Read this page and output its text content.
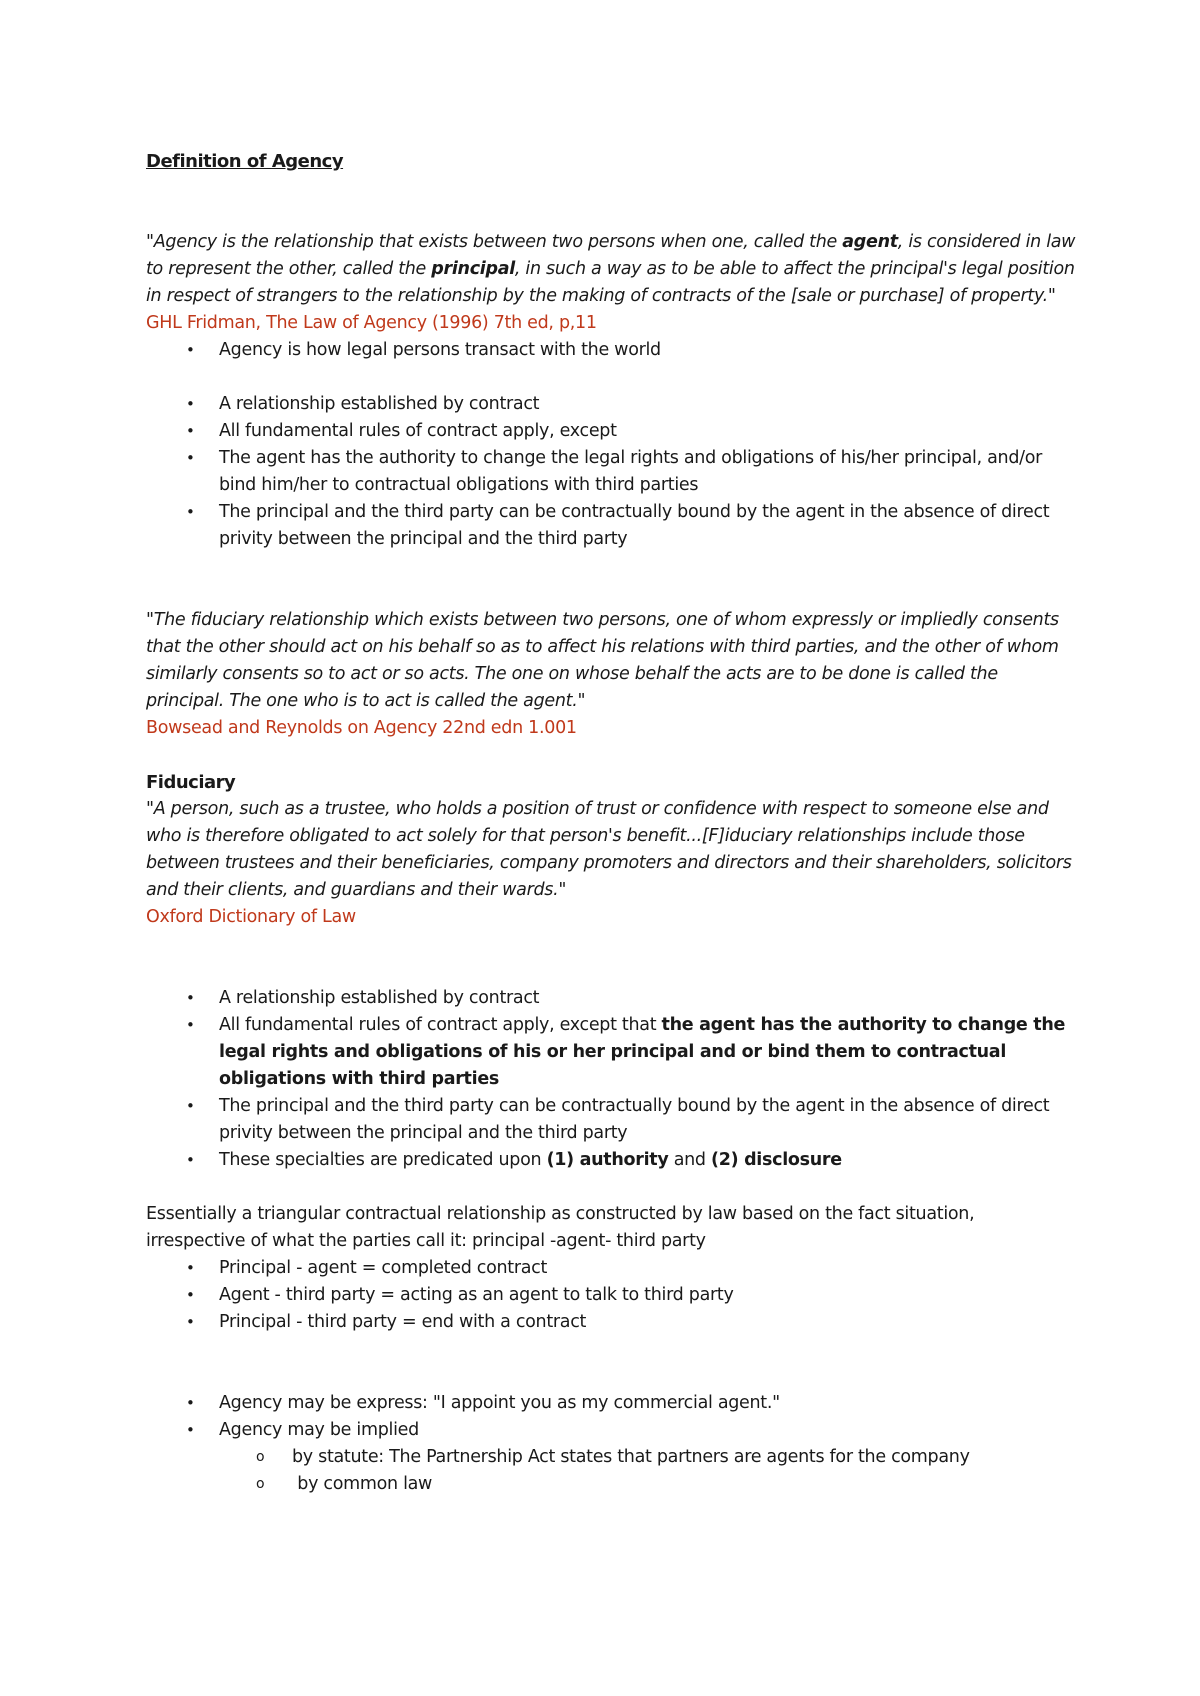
Definition of Agency

"Agency is the relationship that exists between two persons when one, called the agent, is considered in law to represent the other, called the principal, in such a way as to be able to affect the principal's legal position in respect of strangers to the relationship by the making of contracts of the [sale or purchase] of property."

GHL Fridman, The Law of Agency (1996) 7th ed, p,11

• Agency is how legal persons transact with the world
• A relationship established by contract
• All fundamental rules of contract apply, except
• The agent has the authority to change the legal rights and obligations of his/her principal, and/or bind him/her to contractual obligations with third parties
• The principal and the third party can be contractually bound by the agent in the absence of direct privity between the principal and the third party

"The fiduciary relationship which exists between two persons, one of whom expressly or impliedly consents that the other should act on his behalf so as to affect his relations with third parties, and the other of whom similarly consents so to act or so acts. The one on whose behalf the acts are to be done is called the principal. The one who is to act is called the agent."

Bowsead and Reynolds on Agency 22nd edn 1.001

Fiduciary

"A person, such as a trustee, who holds a position of trust or confidence with respect to someone else and who is therefore obligated to act solely for that person's benefit...[F]iduciary relationships include those between trustees and their beneficiaries, company promoters and directors and their shareholders, solicitors and their clients, and guardians and their wards."

Oxford Dictionary of Law

• A relationship established by contract
• All fundamental rules of contract apply, except that the agent has the authority to change the legal rights and obligations of his or her principal and or bind them to contractual obligations with third parties
• The principal and the third party can be contractually bound by the agent in the absence of direct privity between the principal and the third party
• These specialties are predicated upon (1) authority and (2) disclosure

Essentially a triangular contractual relationship as constructed by law based on the fact situation, irrespective of what the parties call it: principal -agent- third party

• Principal - agent = completed contract
• Agent - third party = acting as an agent to talk to third party
• Principal - third party = end with a contract
• Agency may be express: "I appoint you as my commercial agent."
• Agency may be implied
o by statute: The Partnership Act states that partners are agents for the company
o by common law
